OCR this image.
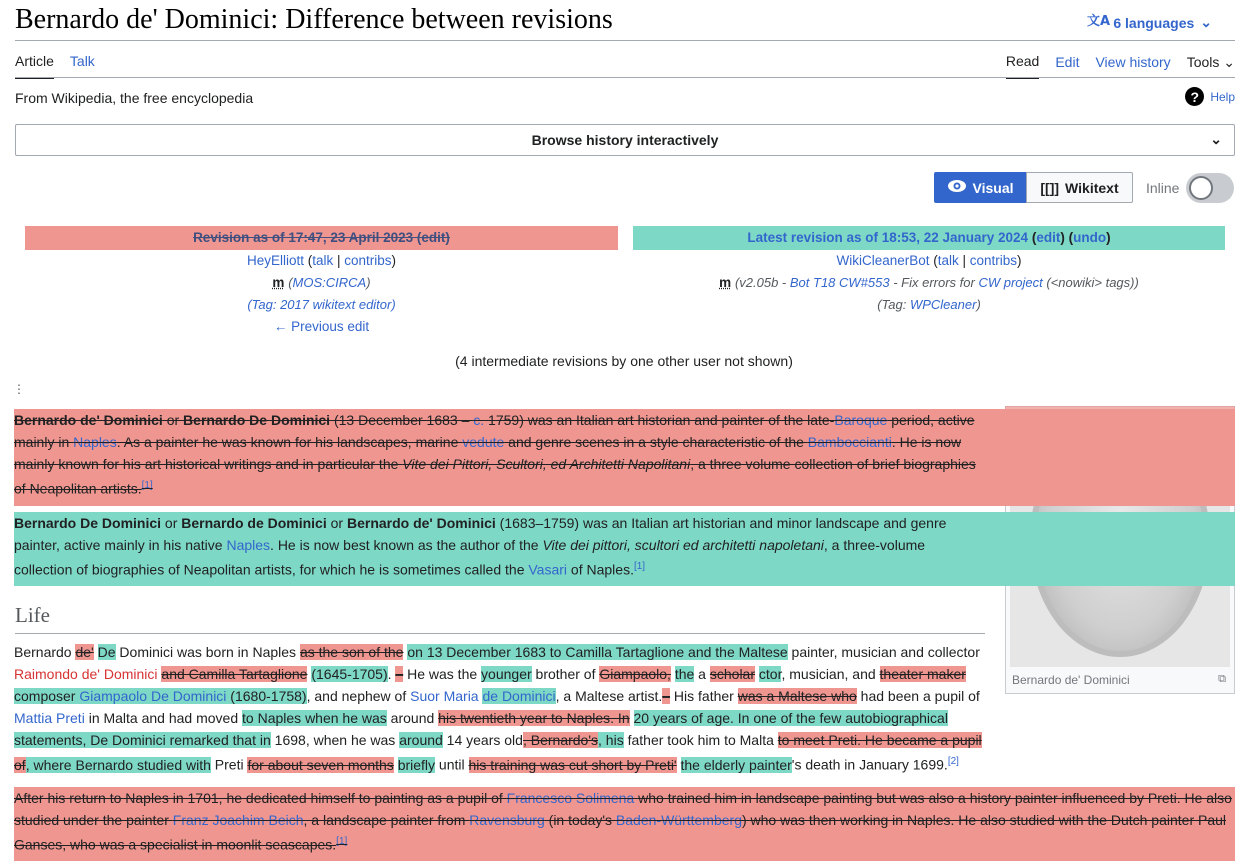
Bernardo de' Dominici: Difference between revisions	文A 6 languages ⌄
Article Talk	Read Edit View history Tools ⌄
From Wikipedia, the free encyclopedia	? Help
Browse history interactively	⌄
Visual [[]] Wikitext Inline
Revision as of 17:47, 23 April 2023 (edit)
HeyElliott (talk | contribs)
m (MOS:CIRCA)
(Tag: 2017 wikitext editor)
← Previous edit
Latest revision as of 18:53, 22 January 2024 (edit) (undo)
WikiCleanerBot (talk | contribs)
m (v2.05b - Bot T18 CW#553 - Fix errors for CW project (<nowiki> tags))
(Tag: WPCleaner)
(4 intermediate revisions by one other user not shown)
⋮
Bernardo de' Dominici	⧉
Bernardo de' Dominici or Bernardo De Dominici (13 December 1683 – c. 1759) was an Italian art historian and painter of the late-Baroque period, active mainly in Naples. As a painter he was known for his landscapes, marine vedute and genre scenes in a style characteristic of the Bamboccianti. He is now mainly known for his art historical writings and in particular the Vite dei Pittori, Scultori, ed Architetti Napolitani, a three volume collection of brief biographies of Neapolitan artists.[1]
Bernardo De Dominici or Bernardo de Dominici or Bernardo de' Dominici (1683–1759) was an Italian art historian and minor landscape and genre painter, active mainly in his native Naples. He is now best known as the author of the Vite dei pittori, scultori ed architetti napoletani, a three-volume collection of biographies of Neapolitan artists, for which he is sometimes called the Vasari of Naples.[1]
Life
Bernardo de' De Dominici was born in Naples as the son of the on 13 December 1683 to Camilla Tartaglione and the Maltese painter, musician and collector Raimondo de' Dominici and Camilla Tartaglione (1645-1705). – He was the younger brother of Giampaolo, the a scholar ctor, musician, and theater maker composer Giampaolo De Dominici (1680-1758), and nephew of Suor Maria de Dominici, a Maltese artist.– His father was a Maltese who had been a pupil of Mattia Preti in Malta and had moved to Naples when he was around his twentieth year to Naples. In 20 years of age. In one of the few autobiographical statements, De Dominici remarked that in 1698, when he was around 14 years old, Bernardo's, his father took him to Malta to meet Preti. He became a pupil of, where Bernardo studied with Preti for about seven months briefly until his training was cut short by Preti' the elderly painter's death in January 1699.[2]
After his return to Naples in 1701, he dedicated himself to painting as a pupil of Francesco Solimena who trained him in landscape painting but was also a history painter influenced by Preti. He also studied under the painter Franz Joachim Beich, a landscape painter from Ravensburg (in today's Baden-Württemberg) who was then working in Naples. He also studied with the Dutch painter Paul Ganses, who was a specialist in moonlit seascapes.[1]
